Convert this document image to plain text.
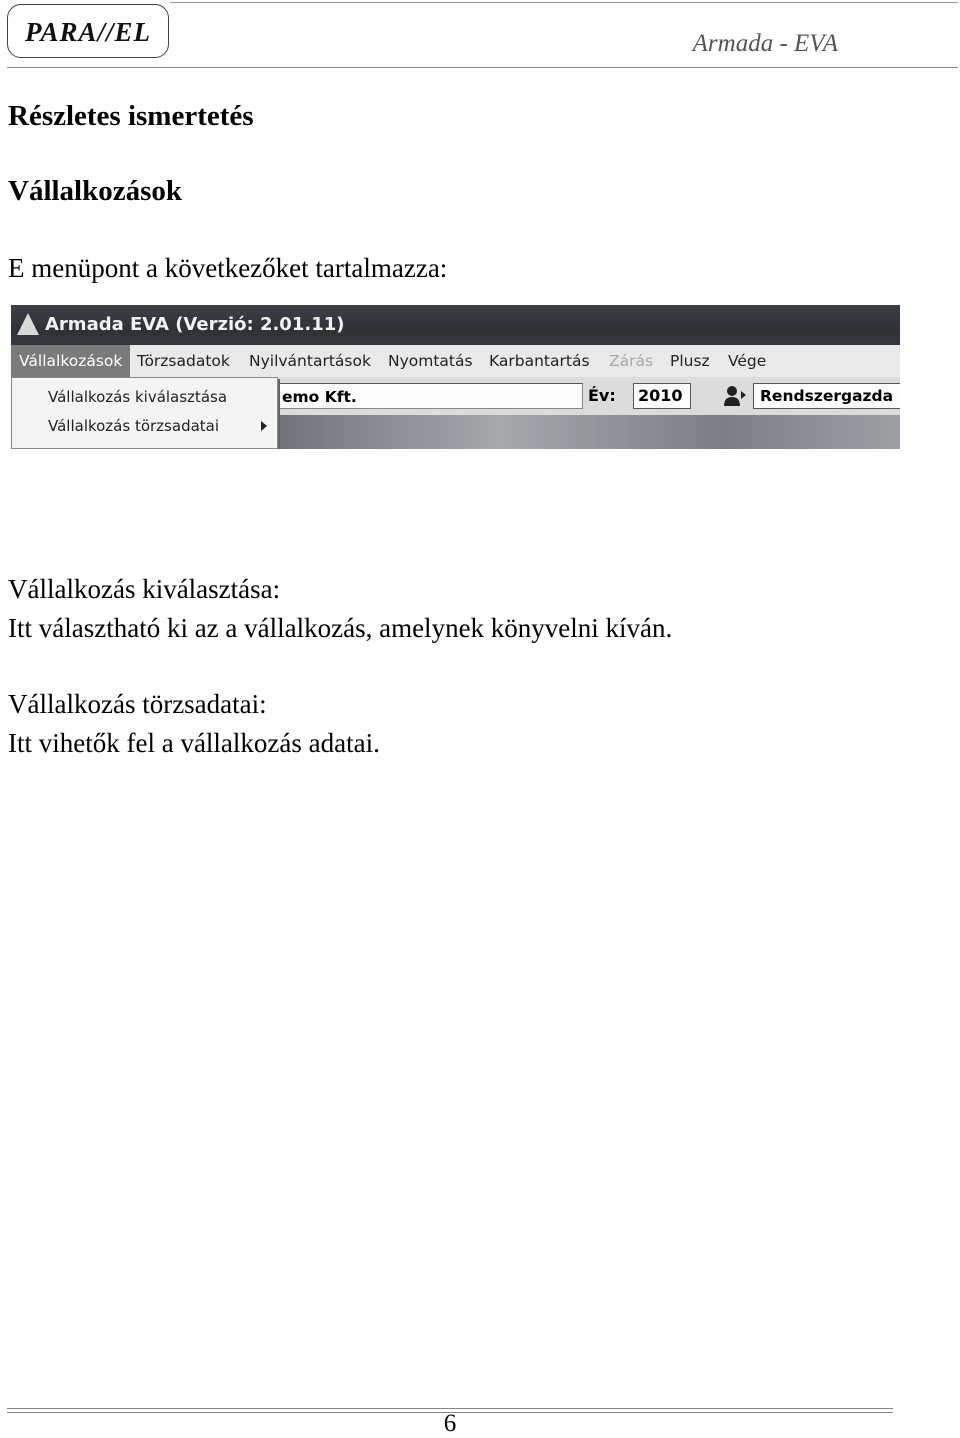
PARA//EL	Armada - EVA
Részletes ismertetés
Vállalkozások
E menüpont a következőket tartalmazza:
Armada EVA (Verzió: 2.01.11)
Vállalkozások Törzsadatok Nyilvántartások Nyomtatás Karbantartás Zárás Plusz Vége
emo Kft.	Év:	2010	Rendszergazda
Vállalkozás kiválasztása
Vállalkozás törzsadatai
Vállalkozás kiválasztása:
Itt választható ki az a vállalkozás, amelynek könyvelni kíván.
Vállalkozás törzsadatai:
Itt vihetők fel a vállalkozás adatai.
6
